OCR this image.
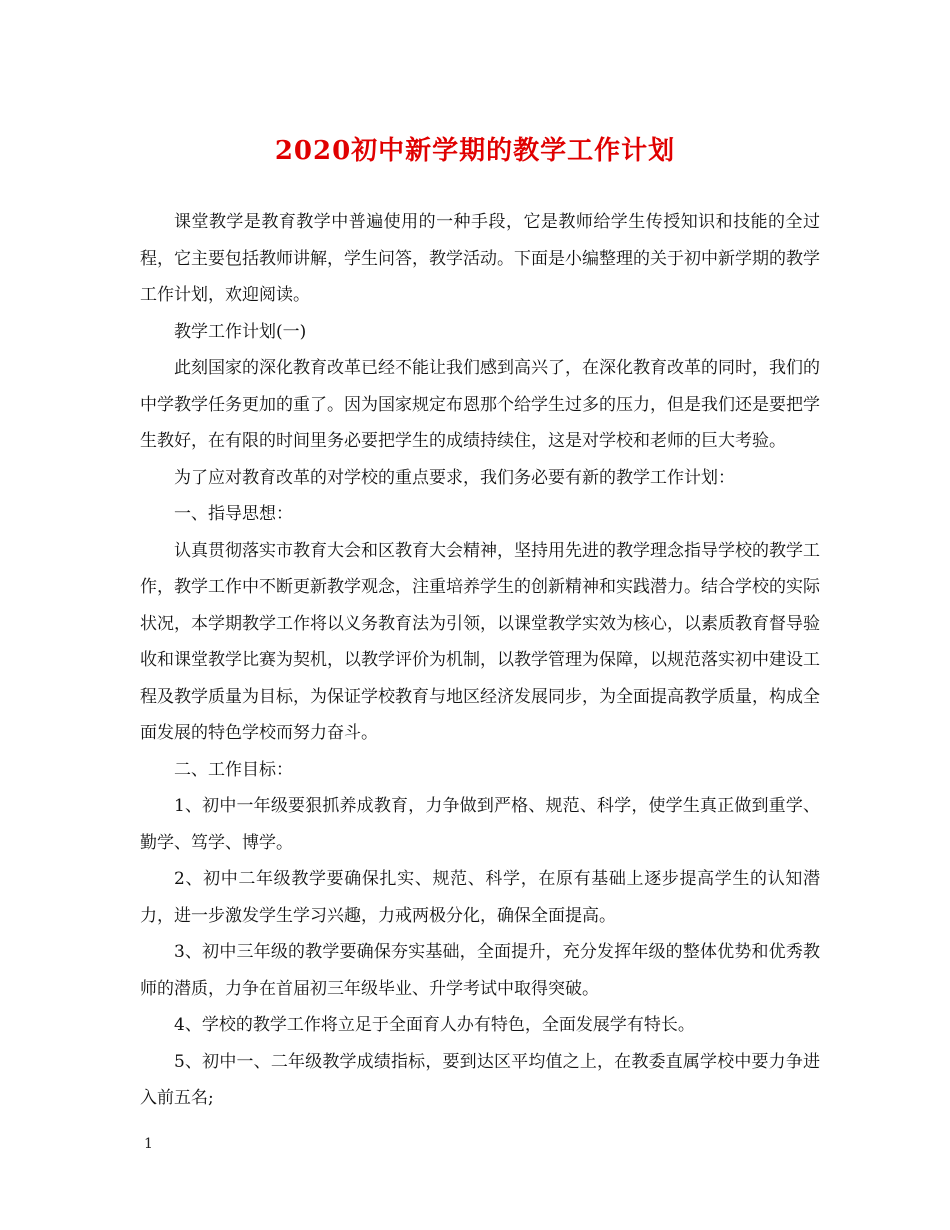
2020初中新学期的教学工作计划

课堂教学是教育教学中普遍使用的一种手段，它是教师给学生传授知识和技能的全过程，它主要包括教师讲解，学生问答，教学活动。下面是小编整理的关于初中新学期的教学工作计划，欢迎阅读。

教学工作计划(一)

此刻国家的深化教育改革已经不能让我们感到高兴了，在深化教育改革的同时，我们的中学教学任务更加的重了。因为国家规定布恩那个给学生过多的压力，但是我们还是要把学生教好，在有限的时间里务必要把学生的成绩持续住，这是对学校和老师的巨大考验。

为了应对教育改革的对学校的重点要求，我们务必要有新的教学工作计划：

一、指导思想：

认真贯彻落实市教育大会和区教育大会精神，坚持用先进的教学理念指导学校的教学工作，教学工作中不断更新教学观念，注重培养学生的创新精神和实践潜力。结合学校的实际状况，本学期教学工作将以义务教育法为引领，以课堂教学实效为核心，以素质教育督导验收和课堂教学比赛为契机，以教学评价为机制，以教学管理为保障，以规范落实初中建设工程及教学质量为目标，为保证学校教育与地区经济发展同步，为全面提高教学质量，构成全面发展的特色学校而努力奋斗。

二、工作目标：

1、初中一年级要狠抓养成教育，力争做到严格、规范、科学，使学生真正做到重学、勤学、笃学、博学。

2、初中二年级教学要确保扎实、规范、科学，在原有基础上逐步提高学生的认知潜力，进一步激发学生学习兴趣，力戒两极分化，确保全面提高。

3、初中三年级的教学要确保夯实基础，全面提升，充分发挥年级的整体优势和优秀教师的潜质，力争在首届初三年级毕业、升学考试中取得突破。

4、学校的教学工作将立足于全面育人办有特色，全面发展学有特长。

5、初中一、二年级教学成绩指标，要到达区平均值之上，在教委直属学校中要力争进入前五名;

1
